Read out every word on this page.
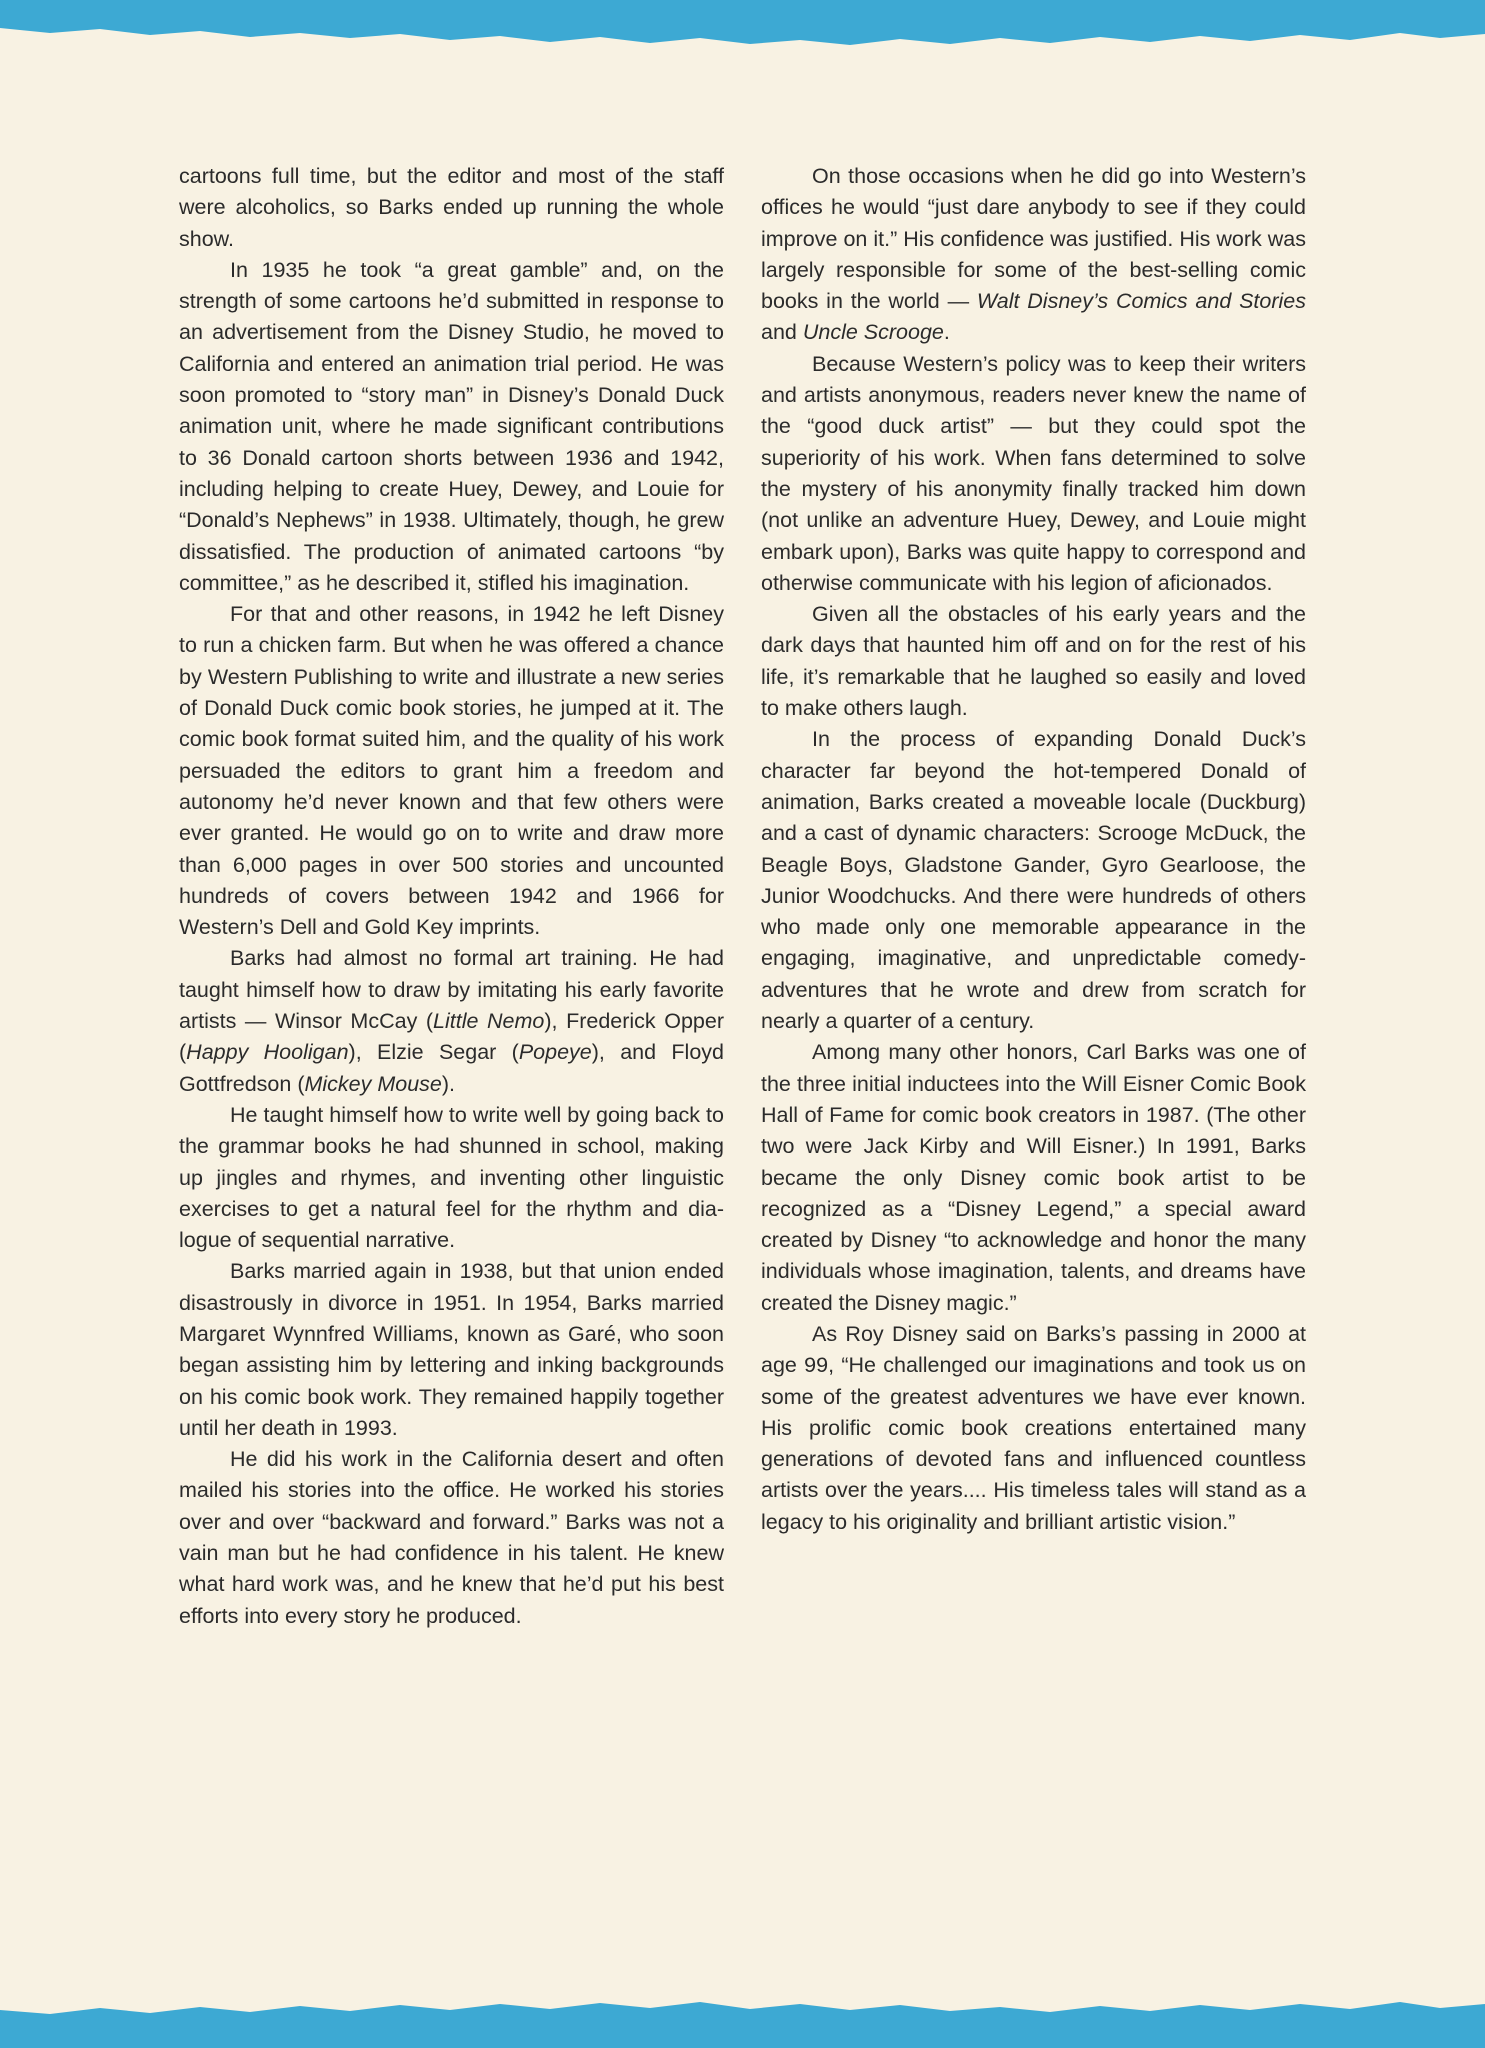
cartoons full time, but the editor and most of the staff were alcoholics, so Barks ended up running the whole show.

In 1935 he took “a great gamble” and, on the strength of some cartoons he’d submitted in response to an advertisement from the Disney Studio, he moved to California and entered an animation trial period. He was soon promoted to “story man” in Disney’s Donald Duck animation unit, where he made significant contributions to 36 Donald cartoon shorts between 1936 and 1942, including helping to create Huey, Dewey, and Louie for “Donald’s Nephews” in 1938. Ultimately, though, he grew dissatisfied. The production of animated cartoons “by committee,” as he described it, stifled his imagination.

For that and other reasons, in 1942 he left Disney to run a chicken farm. But when he was offered a chance by Western Publishing to write and illustrate a new series of Donald Duck comic book stories, he jumped at it. The comic book format suited him, and the quality of his work persuaded the editors to grant him a freedom and autonomy he’d never known and that few others were ever granted. He would go on to write and draw more than 6,000 pages in over 500 stories and uncounted hundreds of covers between 1942 and 1966 for Western’s Dell and Gold Key imprints.

Barks had almost no formal art training. He had taught himself how to draw by imitating his early favorite artists — Winsor McCay (Little Nemo), Frederick Opper (Happy Hooligan), Elzie Segar (Popeye), and Floyd Gottfredson (Mickey Mouse).

He taught himself how to write well by going back to the grammar books he had shunned in school, making up jingles and rhymes, and inventing other linguistic exercises to get a natural feel for the rhythm and dialogue of sequential narrative.

Barks married again in 1938, but that union ended disastrously in divorce in 1951. In 1954, Barks married Margaret Wynnfred Williams, known as Garé, who soon began assisting him by lettering and inking backgrounds on his comic book work. They remained happily together until her death in 1993.

He did his work in the California desert and often mailed his stories into the office. He worked his stories over and over “backward and forward.” Barks was not a vain man but he had confidence in his talent. He knew what hard work was, and he knew that he’d put his best efforts into every story he produced.

On those occasions when he did go into Western’s offices he would “just dare anybody to see if they could improve on it.” His confidence was justified. His work was largely responsible for some of the best-selling comic books in the world — Walt Disney’s Comics and Stories and Uncle Scrooge.

Because Western’s policy was to keep their writers and artists anonymous, readers never knew the name of the “good duck artist” — but they could spot the superiority of his work. When fans determined to solve the mystery of his anonymity finally tracked him down (not unlike an adventure Huey, Dewey, and Louie might embark upon), Barks was quite happy to correspond and otherwise communicate with his legion of aficionados.

Given all the obstacles of his early years and the dark days that haunted him off and on for the rest of his life, it’s remarkable that he laughed so easily and loved to make others laugh.

In the process of expanding Donald Duck’s character far beyond the hot-tempered Donald of animation, Barks created a moveable locale (Duckburg) and a cast of dynamic characters: Scrooge McDuck, the Beagle Boys, Gladstone Gander, Gyro Gearloose, the Junior Woodchucks. And there were hundreds of others who made only one memorable appearance in the engaging, imaginative, and unpredictable comedy-adventures that he wrote and drew from scratch for nearly a quarter of a century.

Among many other honors, Carl Barks was one of the three initial inductees into the Will Eisner Comic Book Hall of Fame for comic book creators in 1987. (The other two were Jack Kirby and Will Eisner.) In 1991, Barks became the only Disney comic book artist to be recognized as a “Disney Legend,” a special award created by Disney “to acknowledge and honor the many individuals whose imagination, talents, and dreams have created the Disney magic.”

As Roy Disney said on Barks’s passing in 2000 at age 99, “He challenged our imaginations and took us on some of the greatest adventures we have ever known. His prolific comic book creations entertained many generations of devoted fans and influenced countless artists over the years.... His timeless tales will stand as a legacy to his originality and brilliant artistic vision.”
